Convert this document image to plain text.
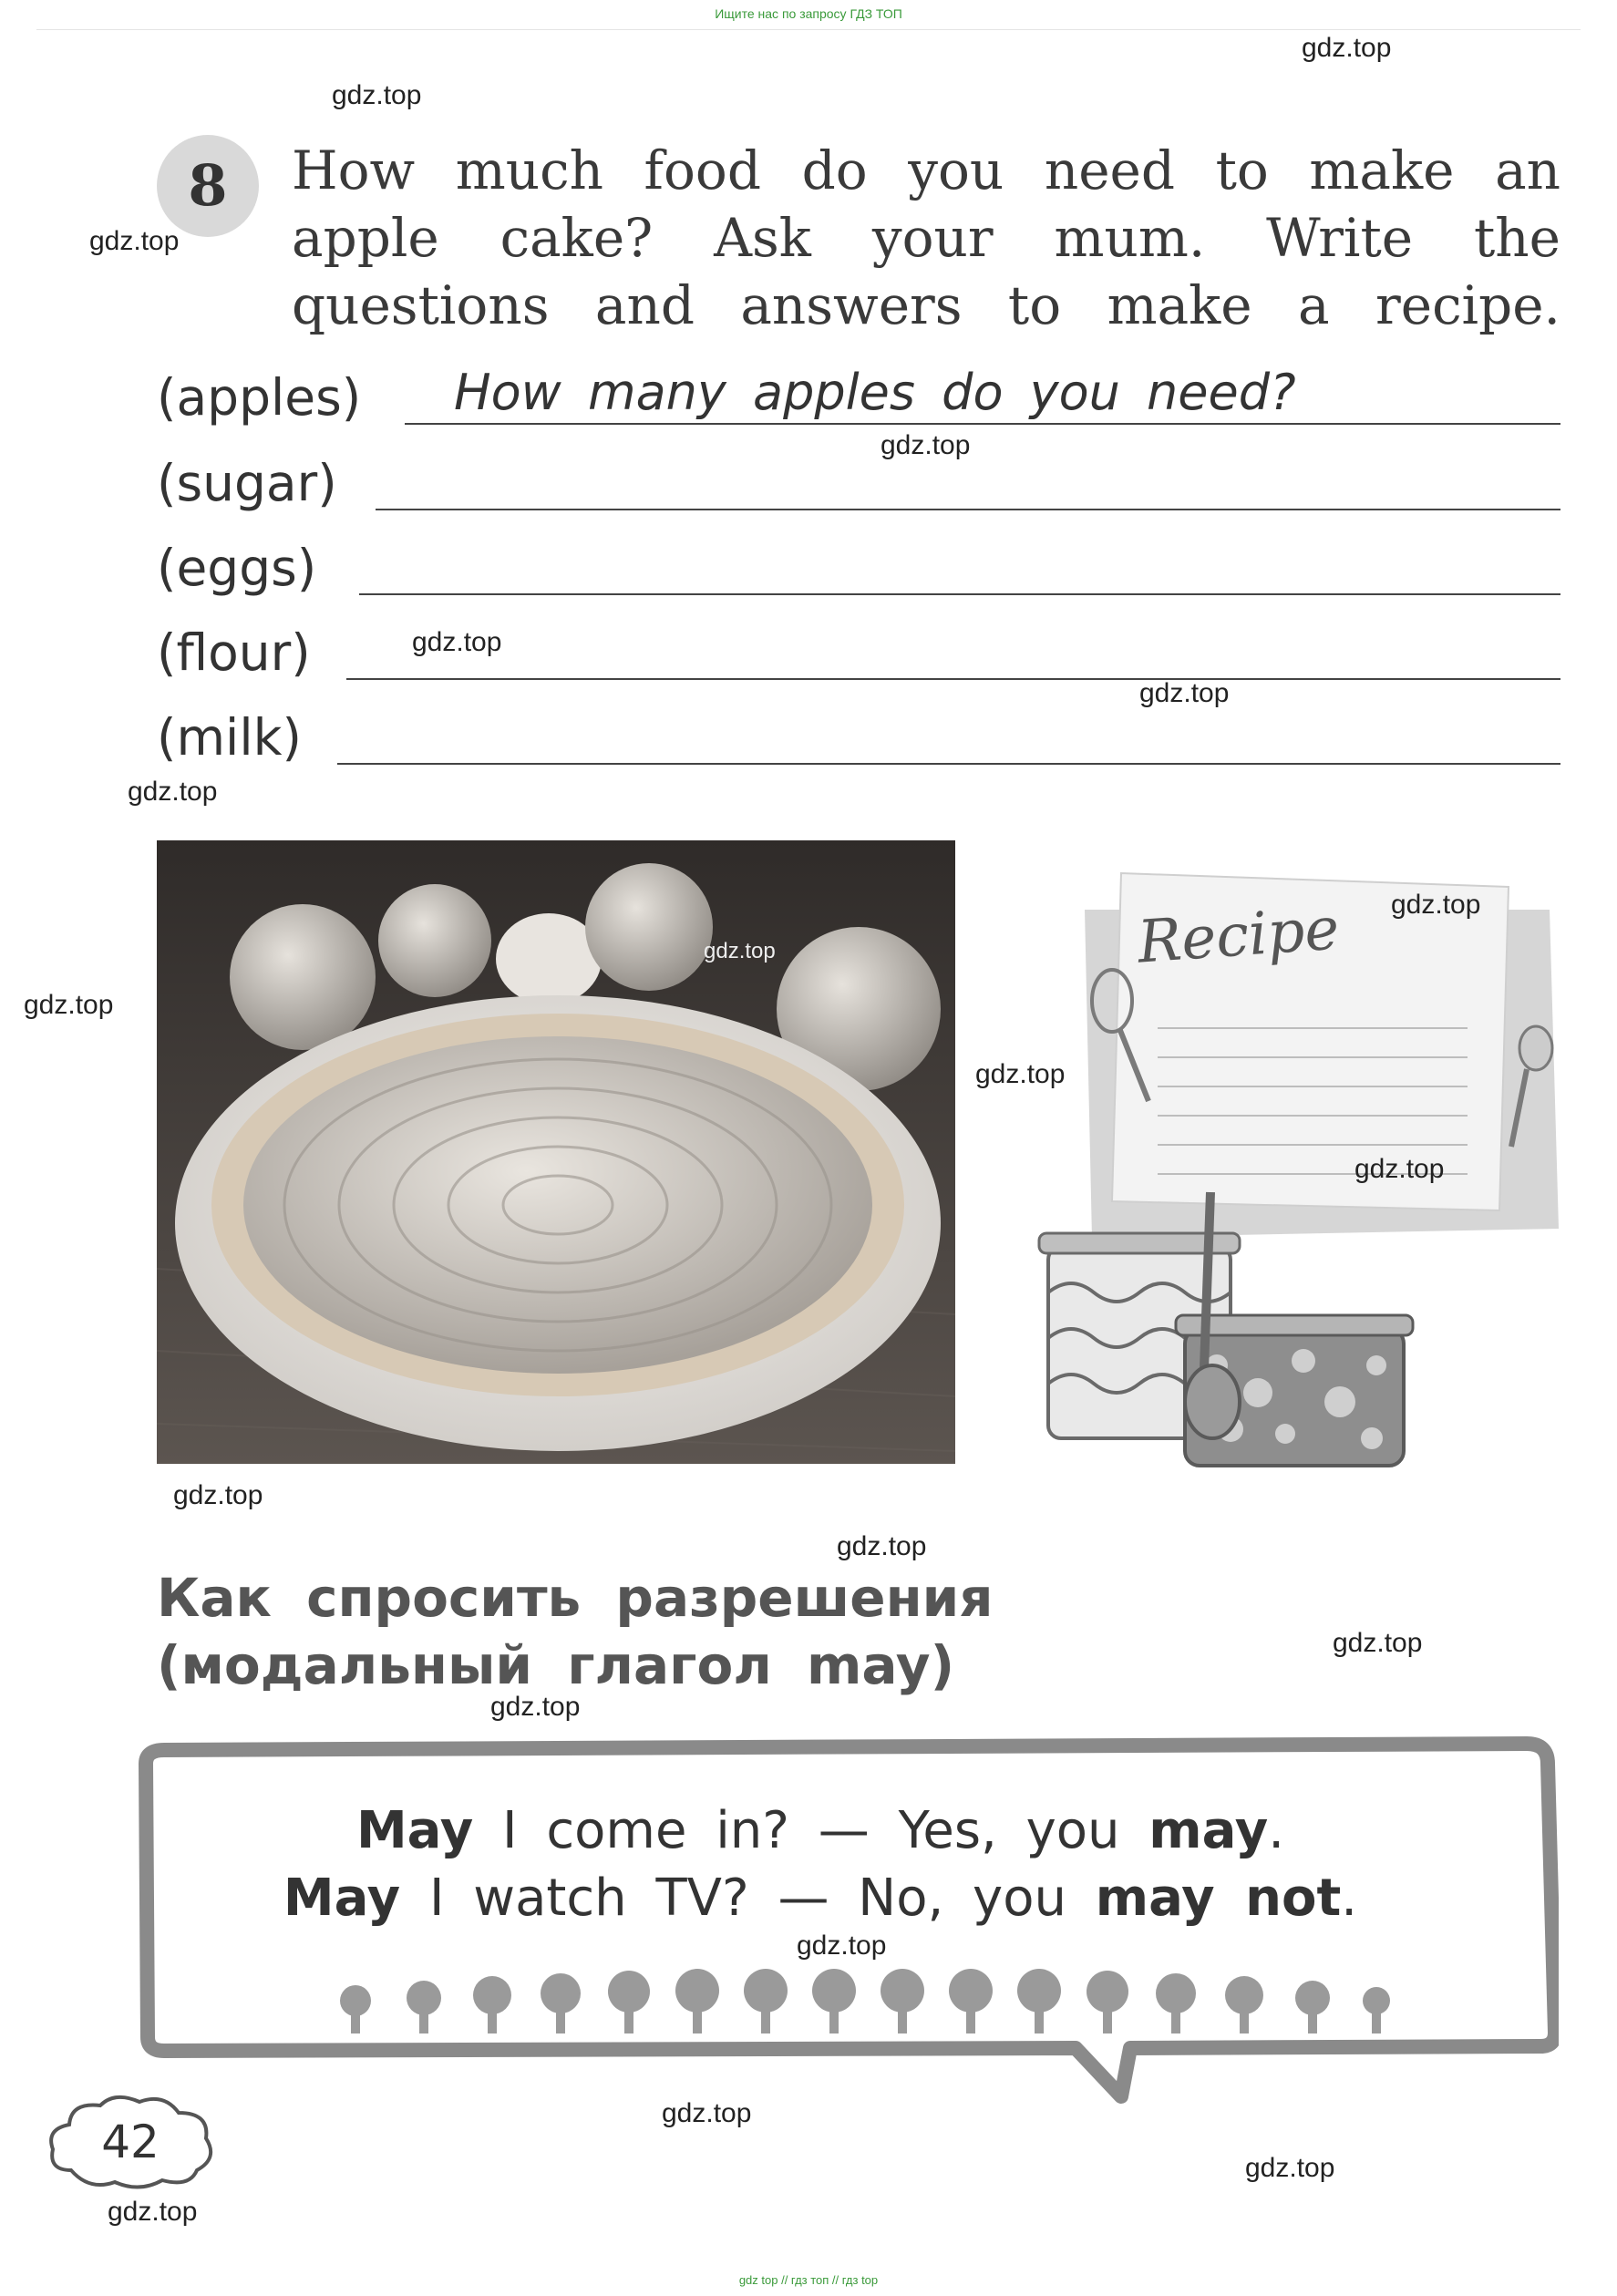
Ищите нас по запросу ГДЗ ТОП
8	How much food do you need to make an
apple cake? Ask your mum. Write the
questions and answers to make a recipe.
(apples) How many apples do you need?
(sugar)
(eggs)
(flour)
(milk)
Recipe
Как спросить разрешения
(модальный глагол may)
May I come in? — Yes, you may.
May I watch TV? — No, you may not.
42
gdz.top
gdz.top
gdz.top
gdz.top
gdz.top
gdz.top
gdz.top
gdz.top
gdz.top
gdz.top
gdz.top
gdz.top
gdz.top
gdz.top
gdz.top
gdz.top
gdz.top
gdz.top
gdz.top
gdz.top
gdz top // гдз топ // гдз top
